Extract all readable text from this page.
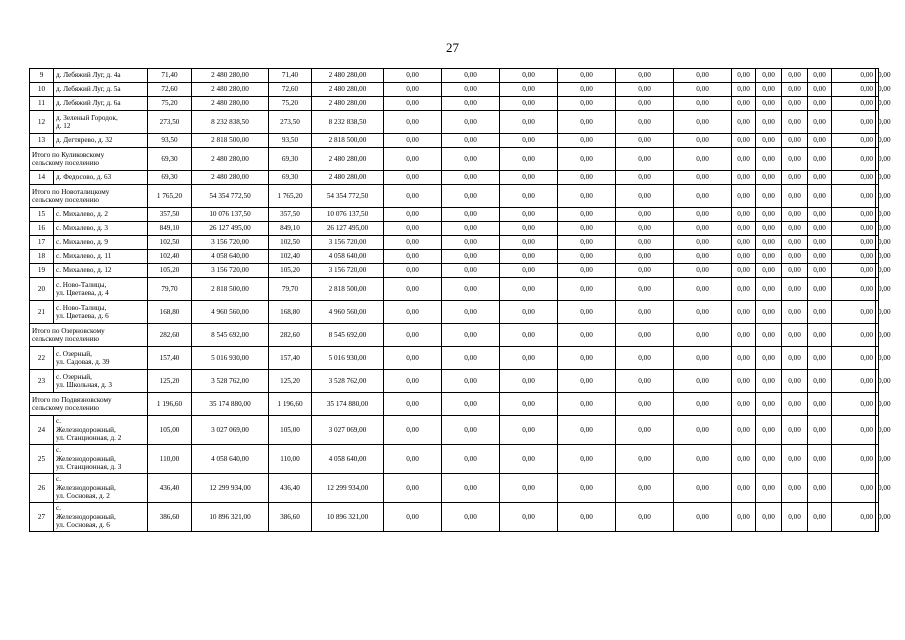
27
9	д. Лебяжий Луг, д. 4а	71,40	2 480 280,00	71,40	2 480 280,00	0,00	0,00	0,00	0,00	0,00	0,00	0,00	0,00	0,00	0,00	0,00	0,00
10	д. Лебяжий Луг, д. 5а	72,60	2 480 280,00	72,60	2 480 280,00	0,00	0,00	0,00	0,00	0,00	0,00	0,00	0,00	0,00	0,00	0,00	0,00
11	д. Лебяжий Луг, д. 6а	75,20	2 480 280,00	75,20	2 480 280,00	0,00	0,00	0,00	0,00	0,00	0,00	0,00	0,00	0,00	0,00	0,00	0,00
12	д. Зеленый Городок,
д. 12	273,50	8 232 838,50	273,50	8 232 838,50	0,00	0,00	0,00	0,00	0,00	0,00	0,00	0,00	0,00	0,00	0,00	0,00
13	д. Дегтярево, д. 32	93,50	2 818 500,00	93,50	2 818 500,00	0,00	0,00	0,00	0,00	0,00	0,00	0,00	0,00	0,00	0,00	0,00	0,00

Итого по Куликовскому
сельскому поселению		69,30	2 480 280,00	69,30	2 480 280,00	0,00	0,00	0,00	0,00	0,00	0,00	0,00	0,00	0,00	0,00	0,00	0,00
14	д. Федосово, д. 63	69,30	2 480 280,00	69,30	2 480 280,00	0,00	0,00	0,00	0,00	0,00	0,00	0,00	0,00	0,00	0,00	0,00	0,00

Итого по Новоталицкому
сельскому поселению		1 765,20	54 354 772,50	1 765,20	54 354 772,50	0,00	0,00	0,00	0,00	0,00	0,00	0,00	0,00	0,00	0,00	0,00	0,00
15	с. Михалево, д. 2	357,50	10 076 137,50	357,50	10 076 137,50	0,00	0,00	0,00	0,00	0,00	0,00	0,00	0,00	0,00	0,00	0,00	0,00
16	с. Михалево, д. 3	849,10	26 127 495,00	849,10	26 127 495,00	0,00	0,00	0,00	0,00	0,00	0,00	0,00	0,00	0,00	0,00	0,00	0,00
17	с. Михалево, д. 9	102,50	3 156 720,00	102,50	3 156 720,00	0,00	0,00	0,00	0,00	0,00	0,00	0,00	0,00	0,00	0,00	0,00	0,00
18	с. Михалево, д. 11	102,40	4 058 640,00	102,40	4 058 640,00	0,00	0,00	0,00	0,00	0,00	0,00	0,00	0,00	0,00	0,00	0,00	0,00
19	с. Михалево, д. 12	105,20	3 156 720,00	105,20	3 156 720,00	0,00	0,00	0,00	0,00	0,00	0,00	0,00	0,00	0,00	0,00	0,00	0,00
20	с. Ново-Талицы,
ул. Цветаева, д. 4	79,70	2 818 500,00	79,70	2 818 500,00	0,00	0,00	0,00	0,00	0,00	0,00	0,00	0,00	0,00	0,00	0,00	0,00
21	с. Ново-Талицы,
ул. Цветаева, д. 6	168,80	4 960 560,00	168,80	4 960 560,00	0,00	0,00	0,00	0,00	0,00	0,00	0,00	0,00	0,00	0,00	0,00	0,00

Итого по Озерновскому
сельскому поселению		282,60	8 545 692,00	282,60	8 545 692,00	0,00	0,00	0,00	0,00	0,00	0,00	0,00	0,00	0,00	0,00	0,00	0,00
22	с. Озерный,
ул. Садовая, д. 39	157,40	5 016 930,00	157,40	5 016 930,00	0,00	0,00	0,00	0,00	0,00	0,00	0,00	0,00	0,00	0,00	0,00	0,00
23	с. Озерный,
ул. Школьная, д. 3	125,20	3 528 762,00	125,20	3 528 762,00	0,00	0,00	0,00	0,00	0,00	0,00	0,00	0,00	0,00	0,00	0,00	0,00

Итого по Подвязновскому
сельскому поселению		1 196,60	35 174 880,00	1 196,60	35 174 880,00	0,00	0,00	0,00	0,00	0,00	0,00	0,00	0,00	0,00	0,00	0,00	0,00
24	с.
Железнодорожный,
ул. Станционная, д. 2	105,00	3 027 069,00	105,00	3 027 069,00	0,00	0,00	0,00	0,00	0,00	0,00	0,00	0,00	0,00	0,00	0,00	0,00
25	с.
Железнодорожный,
ул. Станционная, д. 3	110,00	4 058 640,00	110,00	4 058 640,00	0,00	0,00	0,00	0,00	0,00	0,00	0,00	0,00	0,00	0,00	0,00	0,00
26	с.
Железнодорожный,
ул. Сосновая, д. 2	436,40	12 299 934,00	436,40	12 299 934,00	0,00	0,00	0,00	0,00	0,00	0,00	0,00	0,00	0,00	0,00	0,00	0,00
27	с.
Железнодорожный,
ул. Сосновая, д. 6	386,60	10 896 321,00	386,60	10 896 321,00	0,00	0,00	0,00	0,00	0,00	0,00	0,00	0,00	0,00	0,00	0,00	0,00
